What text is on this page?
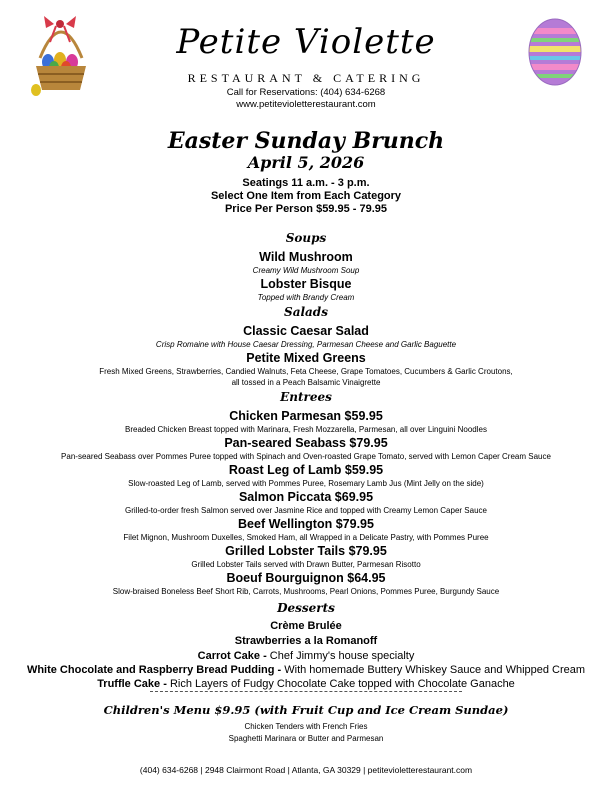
Petite Violette
RESTAURANT & CATERING
Call for Reservations: (404) 634-6268
www.petitevioletterestaurant.com
Easter Sunday Brunch
April 5, 2026
Seatings 11 a.m. - 3 p.m.
Select One Item from Each Category
Price Per Person $59.95 - 79.95
Soups
Wild Mushroom
Creamy Wild Mushroom Soup
Lobster Bisque
Topped with Brandy Cream
Salads
Classic Caesar Salad
Crisp Romaine with House Caesar Dressing, Parmesan Cheese and Garlic Baguette
Petite Mixed Greens
Fresh Mixed Greens, Strawberries, Candied Walnuts, Feta Cheese, Grape Tomatoes, Cucumbers & Garlic Croutons,
all tossed in a Peach Balsamic Vinaigrette
Entrees
Chicken Parmesan $59.95
Breaded Chicken Breast topped with Marinara, Fresh Mozzarella, Parmesan, all over Linguini Noodles
Pan-seared Seabass $79.95
Pan-seared Seabass over Pommes Puree topped with Spinach and Oven-roasted Grape Tomato, served with Lemon Caper Cream Sauce
Roast Leg of Lamb $59.95
Slow-roasted Leg of Lamb, served with Pommes Puree, Rosemary Lamb Jus (Mint Jelly on the side)
Salmon Piccata $69.95
Grilled-to-order fresh Salmon served over Jasmine Rice and topped with Creamy Lemon Caper Sauce
Beef Wellington $79.95
Filet Mignon, Mushroom Duxelles, Smoked Ham, all Wrapped in a Delicate Pastry, with Pommes Puree
Grilled Lobster Tails $79.95
Grilled Lobster Tails served with Drawn Butter, Parmesan Risotto
Boeuf Bourguignon $64.95
Slow-braised Boneless Beef Short Rib, Carrots, Mushrooms, Pearl Onions, Pommes Puree, Burgundy Sauce
Desserts
Crème Brulée
Strawberries a la Romanoff
Carrot Cake - Chef Jimmy's house specialty
White Chocolate and Raspberry Bread Pudding - With homemade Buttery Whiskey Sauce and Whipped Cream
Truffle Cake - Rich Layers of Fudgy Chocolate Cake topped with Chocolate Ganache
Children's Menu $9.95 (with Fruit Cup and Ice Cream Sundae)
Chicken Tenders with French Fries
Spaghetti Marinara or Butter and Parmesan
(404) 634-6268 | 2948 Clairmont Road | Atlanta, GA 30329 | petitevioletterestaurant.com
